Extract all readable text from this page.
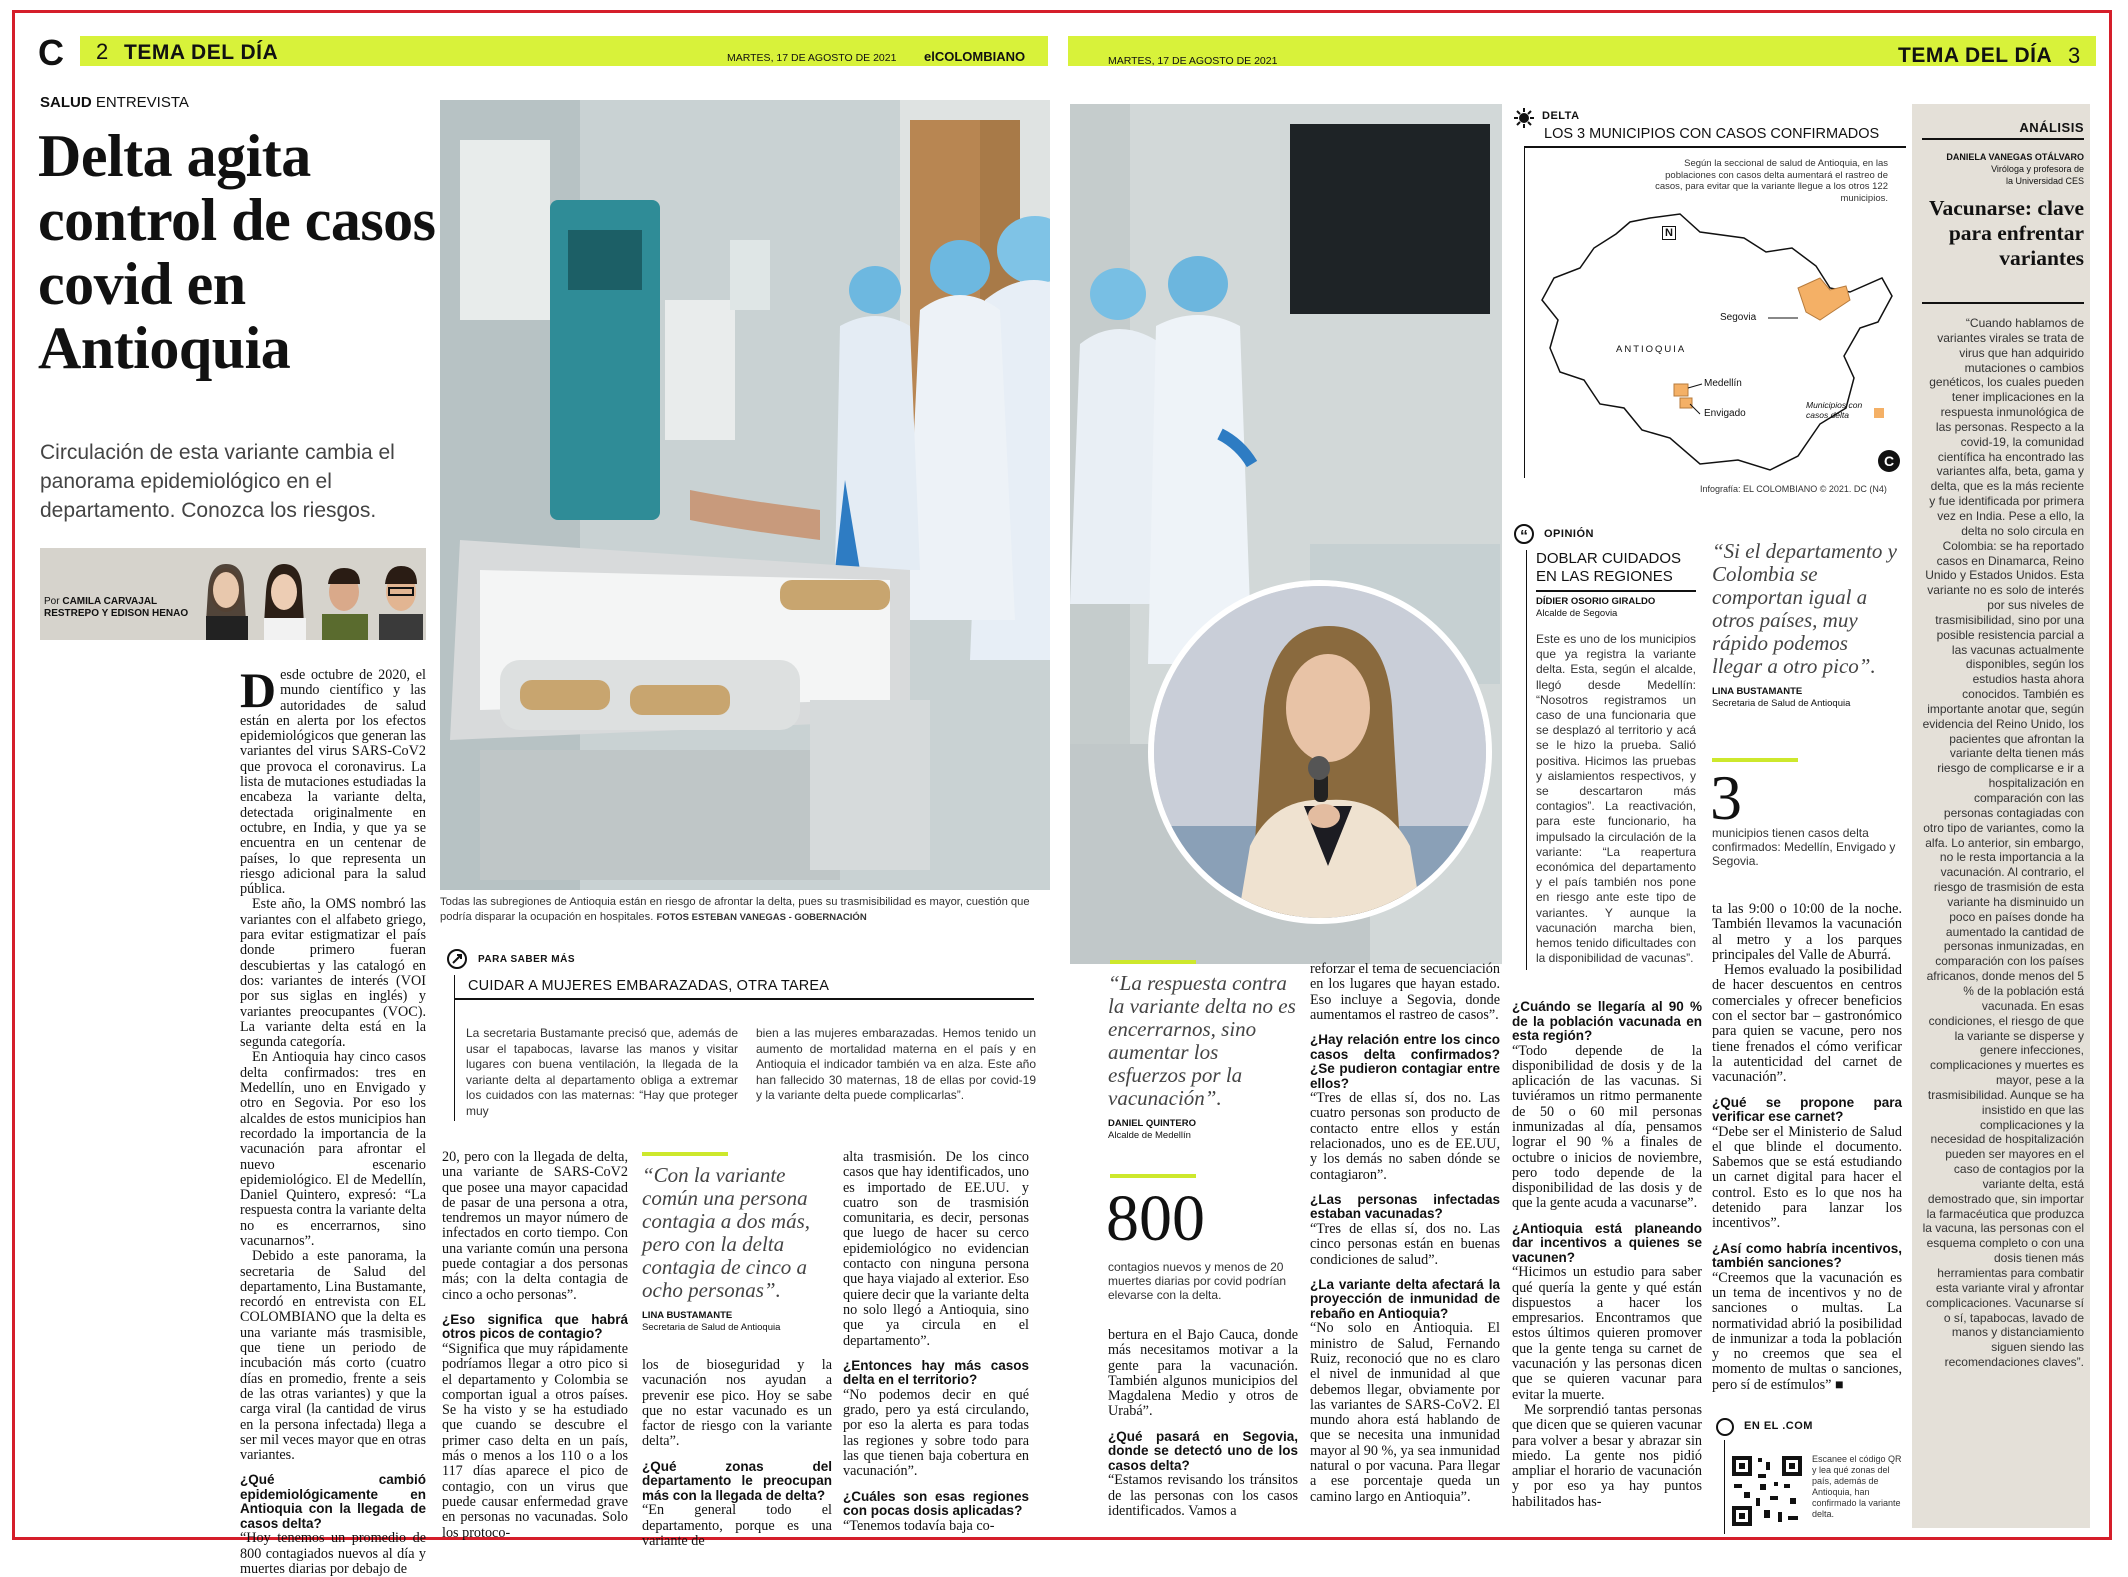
C	2 TEMA DEL DÍA	MARTES, 17 DE AGOSTO DE 2021 elCOLOMBIANO	MARTES, 17 DE AGOSTO DE 2021	TEMA DEL DÍA 3
SALUD ENTREVISTA
Delta agita control de casos covid en Antioquia
Circulación de esta variante cambia el panorama epidemiológico en el departamento. Conozca los riesgos.
Por CAMILA CARVAJAL
RESTREPO Y EDISON HENAO

Desde octubre de 2020, el mundo científico y las autoridades de salud están en alerta por los efectos epidemiológicos que generan las variantes del virus SARS-CoV2 que provoca el coronavirus. La lista de mutaciones estudiadas la encabeza la variante delta, detectada originalmente en octubre, en India, y que ya se encuentra en un centenar de países, lo que representa un riesgo adicional para la salud pública.

Este año, la OMS nombró las variantes con el alfabeto griego, para evitar estigmatizar el país donde primero fueran descubiertas y las catalogó en dos: variantes de interés (VOI por sus siglas en inglés) y variantes preocupantes (VOC). La variante delta está en la segunda categoría.

En Antioquia hay cinco casos delta confirmados: tres en Medellín, uno en Envigado y otro en Segovia. Por eso los alcaldes de estos municipios han recordado la importancia de la vacunación para afrontar el nuevo escenario epidemiológico. El de Medellín, Daniel Quintero, expresó: “La respuesta contra la variante delta no es encerrarnos, sino vacunarnos”.

Debido a este panorama, la secretaria de Salud del departamento, Lina Bustamante, recordó en entrevista con EL COLOMBIANO que la delta es una variante más trasmisible, que tiene un periodo de incubación más corto (cuatro días en promedio, frente a seis de las otras variantes) y que la carga viral (la cantidad de virus en la persona infectada) llega a ser mil veces mayor que en otras variantes.

¿Qué cambió epidemiológicamente en Antioquia con la llegada de casos delta?

“Hoy tenemos un promedio de 800 contagiados nuevos al día y muertes diarias por debajo de

Todas las subregiones de Antioquia están en riesgo de afrontar la delta, pues su trasmisibilidad es mayor, cuestión que podría disparar la ocupación en hospitales. FOTOS ESTEBAN VANEGAS - GOBERNACIÓN
PARA SABER MÁS
CUIDAR A MUJERES EMBARAZADAS, OTRA TAREA
La secretaria Bustamante precisó que, además de usar el tapabocas, lavarse las manos y visitar lugares con buena ventilación, la llegada de la variante delta al departamento obliga a extremar los cuidados con las maternas: “Hay que proteger muy
bien a las mujeres embarazadas. Hemos tenido un aumento de mortalidad materna en el país y en Antioquia el indicador también va en alza. Este año han fallecido 30 maternas, 18 de ellas por covid-19 y la variante delta puede complicarlas”.

20, pero con la llegada de delta, una variante de SARS-CoV2 que posee una mayor capacidad de pasar de una persona a otra, tendremos un mayor número de infectados en corto tiempo. Con una variante común una persona puede contagiar a dos personas más; con la delta contagia de cinco a ocho personas”.

¿Eso significa que habrá otros picos de contagio?

“Significa que muy rápidamente podríamos llegar a otro pico si el departamento y Colombia se comportan igual a otros países. Se ha visto y se ha estudiado que cuando se descubre el primer caso delta en un país, más o menos a los 110 o a los 117 días aparece el pico de contagio, con un virus que puede causar enfermedad grave en personas no vacunadas. Solo los protoco-

“Con la variante común una persona contagia a dos más, pero con la delta contagia de cinco a ocho personas”.
LINA BUSTAMANTE
Secretaria de Salud de Antioquia

los de bioseguridad y la vacunación nos ayudan a prevenir ese pico. Hoy se sabe que no estar vacunado es un factor de riesgo con la variante delta”.

¿Qué zonas del departamento le preocupan más con la llegada de delta?

“En general todo el departamento, porque es una variante de

alta trasmisión. De los cinco casos que hay identificados, uno es importado de EE.UU. y cuatro son de trasmisión comunitaria, es decir, personas que luego de hacer su cerco epidemiológico no evidencian contacto con ninguna persona que haya viajado al exterior. Eso quiere decir que la variante delta no solo llegó a Antioquia, sino que ya circula en el departamento”.

¿Entonces hay más casos delta en el territorio?

“No podemos decir en qué grado, pero ya está circulando, por eso la alerta es para todas las regiones y sobre todo para las que tienen baja cobertura en vacunación”.

¿Cuáles son esas regiones con pocas dosis aplicadas?

“Tenemos todavía baja co-

“La respuesta contra la variante delta no es encerrarnos, sino aumentar los esfuerzos por la vacunación”.
DANIEL QUINTERO
Alcalde de Medellín
800
contagios nuevos y menos de 20 muertes diarias por covid podrían elevarse con la delta.

bertura en el Bajo Cauca, donde más necesitamos motivar a la gente para la vacunación. También algunos municipios del Magdalena Medio y otros de Urabá”.

¿Qué pasará en Segovia, donde se detectó uno de los casos delta?

“Estamos revisando los tránsitos de las personas con los casos identificados. Vamos a

reforzar el tema de secuenciación en los lugares que hayan estado. Eso incluye a Segovia, donde aumentamos el rastreo de casos”.

¿Hay relación entre los cinco casos delta confirmados? ¿Se pudieron contagiar entre ellos?

“Tres de ellas sí, dos no. Las cuatro personas son producto de contacto entre ellos y están relacionados, uno es de EE.UU, y los demás no saben dónde se contagiaron”.

¿Las personas infectadas estaban vacunadas?

“Tres de ellas sí, dos no. Las cinco personas están en buenas condiciones de salud”.

¿La variante delta afectará la proyección de inmunidad de rebaño en Antioquia?

“No solo en Antioquia. El ministro de Salud, Fernando Ruiz, reconoció que no es claro el nivel de inmunidad al que debemos llegar, obviamente por las variantes de SARS-CoV2. El mundo ahora está hablando de que se necesita una inmunidad mayor al 90 %, ya sea inmunidad natural o por vacuna. Para llegar a ese porcentaje queda un camino largo en Antioquia”.

¿Cuándo se llegaría al 90 % de la población vacunada en esta región?

“Todo depende de la disponibilidad de dosis y de la aplicación de las vacunas. Si tuviéramos un ritmo permanente de 50 o 60 mil personas inmunizadas al día, pensamos lograr el 90 % a finales de octubre o inicios de noviembre, pero todo depende de la disponibilidad de las dosis y de que la gente acuda a vacunarse”.

¿Antioquia está planeando dar incentivos a quienes se vacunen?

“Hicimos un estudio para saber qué quería la gente y qué están dispuestos a hacer los empresarios. Encontramos que estos últimos quieren promover que la gente tenga su carnet de vacunación y las personas dicen que se quieren vacunar para evitar la muerte.

Me sorprendió tantas personas que dicen que se quieren vacunar para volver a besar y abrazar sin miedo. La gente nos pidió ampliar el horario de vacunación y por eso ya hay puntos habilitados has-

DELTA
LOS 3 MUNICIPIOS CON CASOS CONFIRMADOS
Según la seccional de salud de Antioquia, en las poblaciones con casos delta aumentará el rastreo de casos, para evitar que la variante llegue a los otros 122 municipios.
N
Segovia
ANTIOQUIA
Medellín
Envigado
Municipios con casos delta
C
Infografía: EL COLOMBIANO © 2021. DC (N4)
“	OPINIÓN
DOBLAR CUIDADOS EN LAS REGIONES
DÍDIER OSORIO GIRALDO
Alcalde de Segovia
Este es uno de los municipios que ya registra la variante delta. Esta, según el alcalde, llegó desde Medellín: “Nosotros registramos un caso de una funcionaria que se desplazó al territorio y acá se le hizo la prueba. Salió positiva. Hicimos las pruebas y aislamientos respectivos, y se descartaron más contagios”. La reactivación, para este funcionario, ha impulsado la circulación de la variante: “La reapertura económica del departamento y el país también nos pone en riesgo ante este tipo de variantes. Y aunque la vacunación marcha bien, hemos tenido dificultades con la disponibilidad de vacunas”.
“Si el departamento y Colombia se comportan igual a otros países, muy rápido podemos llegar a otro pico”.
LINA BUSTAMANTE
Secretaria de Salud de Antioquia
3
municipios tienen casos delta confirmados: Medellín, Envigado y Segovia.

ta las 9:00 o 10:00 de la noche. También llevamos la vacunación al metro y a los parques principales del Valle de Aburrá.

Hemos evaluado la posibilidad de hacer descuentos en centros comerciales y ofrecer beneficios con el sector bar – gastronómico para quien se vacune, pero nos tiene frenados el cómo verificar la autenticidad del carnet de vacunación”.

¿Qué se propone para verificar ese carnet?

“Debe ser el Ministerio de Salud el que blinde el documento. Sabemos que se está estudiando un carnet digital para hacer el control. Esto es lo que nos ha detenido para lanzar los incentivos”.

¿Así como habría incentivos, también sanciones?

“Creemos que la vacunación es un tema de incentivos y no de sanciones o multas. La normatividad abrió la posibilidad de inmunizar a toda la población y no creemos que sea el momento de multas o sanciones, pero sí de estímulos” ■

EN EL .COM
Escanee el código QR y lea qué zonas del país, además de Antioquia, han confirmado la variante delta.
ANÁLISIS
DANIELA VANEGAS OTÁLVARO
Viróloga y profesora de
la Universidad CES
Vacunarse: clave para enfrentar variantes
“Cuando hablamos de variantes virales se trata de virus que han adquirido mutaciones o cambios genéticos, los cuales pueden tener implicaciones en la respuesta inmunológica de las personas. Respecto a la covid-19, la comunidad científica ha encontrado las variantes alfa, beta, gama y delta, que es la más reciente y fue identificada por primera vez en India. Pese a ello, la delta no solo circula en Colombia: se ha reportado casos en Dinamarca, Reino Unido y Estados Unidos. Esta variante no es solo de interés por sus niveles de trasmisibilidad, sino por una posible resistencia parcial a las vacunas actualmente disponibles, según los estudios hasta ahora conocidos. También es importante anotar que, según evidencia del Reino Unido, los pacientes que afrontan la variante delta tienen más riesgo de complicarse e ir a hospitalización en comparación con las personas contagiadas con otro tipo de variantes, como la alfa. Lo anterior, sin embargo, no le resta importancia a la vacunación. Al contrario, el riesgo de trasmisión de esta variante ha disminuido un poco en países donde ha aumentado la cantidad de personas inmunizadas, en comparación con los países africanos, donde menos del 5 % de la población está vacunada. En esas condiciones, el riesgo de que la variante se disperse y genere infecciones, complicaciones y muertes es mayor, pese a la trasmisibilidad. Aunque se ha insistido en que las complicaciones y la necesidad de hospitalización pueden ser mayores en el caso de contagios por la variante delta, está demostrado que, sin importar la farmacéutica que produzca la vacuna, las personas con el esquema completo o con una dosis tienen más herramientas para combatir esta variante viral y afrontar complicaciones. Vacunarse sí o sí, tapabocas, lavado de manos y distanciamiento siguen siendo las recomendaciones claves”.
